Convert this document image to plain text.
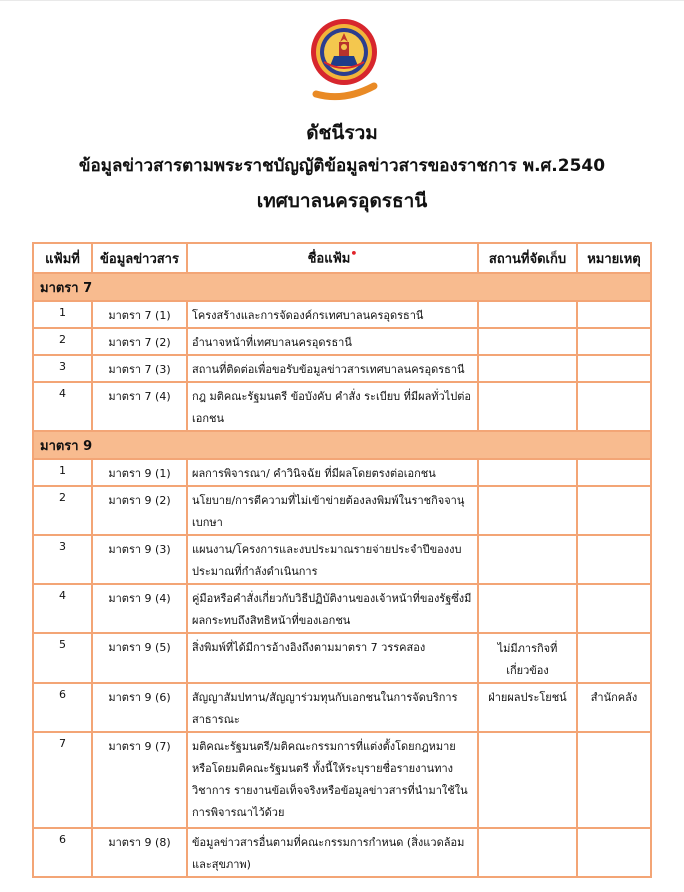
ดัชนีรวม
ข้อมูลข่าวสารตามพระราชบัญญัติข้อมูลข่าวสารของราชการ พ.ศ.2540
เทศบาลนครอุดรธานี
แฟ้มที่	ข้อมูลข่าวสาร	ชื่อแฟ้ม•	สถานที่จัดเก็บ	หมายเหตุ
มาตรา 7				
1	มาตรา 7 (1)	โครงสร้างและการจัดองค์กรเทศบาลนครอุดรธานี		
2	มาตรา 7 (2)	อำนาจหน้าที่เทศบาลนครอุดรธานี		
3	มาตรา 7 (3)	สถานที่ติดต่อเพื่อขอรับข้อมูลข่าวสารเทศบาลนครอุดรธานี		
4	มาตรา 7 (4)	กฎ มติคณะรัฐมนตรี ข้อบังคับ คำสั่ง ระเบียบ ที่มีผลทั่วไปต่อเอกชน		
มาตรา 9				
1	มาตรา 9 (1)	ผลการพิจารณา/ คำวินิจฉัย ที่มีผลโดยตรงต่อเอกชน		
2	มาตรา 9 (2)	นโยบาย/การตีความที่ไม่เข้าข่ายต้องลงพิมพ์ในราชกิจจานุเบกษา		
3	มาตรา 9 (3)	แผนงาน/โครงการและงบประมาณรายจ่ายประจำปีของงบประมาณที่กำลังดำเนินการ		
4	มาตรา 9 (4)	คู่มือหรือคำสั่งเกี่ยวกับวิธีปฏิบัติงานของเจ้าหน้าที่ของรัฐซึ่งมีผลกระทบถึงสิทธิหน้าที่ของเอกชน		
5	มาตรา 9 (5)	สิ่งพิมพ์ที่ได้มีการอ้างอิงถึงตามมาตรา 7 วรรคสอง	ไม่มีภารกิจที่เกี่ยวข้อง	
6	มาตรา 9 (6)	สัญญาสัมปทาน/สัญญาร่วมทุนกับเอกชนในการจัดบริการสาธารณะ	ฝ่ายผลประโยชน์	สำนักคลัง
7	มาตรา 9 (7)	มติคณะรัฐมนตรี/มติคณะกรรมการที่แต่งตั้งโดยกฎหมายหรือโดยมติคณะรัฐมนตรี ทั้งนี้ให้ระบุรายชื่อรายงานทางวิชาการ รายงานข้อเท็จจริงหรือข้อมูลข่าวสารที่นำมาใช้ในการพิจารณาไว้ด้วย		
6	มาตรา 9 (8)	ข้อมูลข่าวสารอื่นตามที่คณะกรรมการกำหนด (สิ่งแวดล้อมและสุขภาพ)		
